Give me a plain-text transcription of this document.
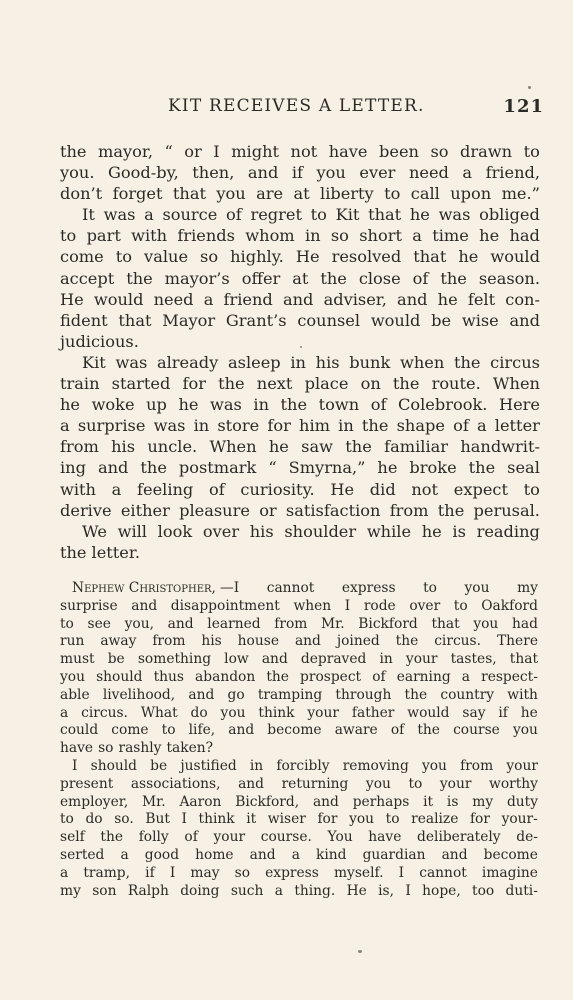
KIT RECEIVES A LETTER.	121
the mayor, “ or I might not have been so drawn to
you. Good-by, then, and if you ever need a friend,
don’t forget that you are at liberty to call upon me.”
It was a source of regret to Kit that he was obliged
to part with friends whom in so short a time he had
come to value so highly. He resolved that he would
accept the mayor’s offer at the close of the season.
He would need a friend and adviser, and he felt con-
fident that Mayor Grant’s counsel would be wise and
judicious.
Kit was already asleep in his bunk when the circus
train started for the next place on the route. When
he woke up he was in the town of Colebrook. Here
a surprise was in store for him in the shape of a letter
from his uncle. When he saw the familiar handwrit-
ing and the postmark “ Smyrna,” he broke the seal
with a feeling of curiosity. He did not expect to
derive either pleasure or satisfaction from the perusal.
We will look over his shoulder while he is reading
the letter.
Nephew Christopher, —I cannot express to you my
surprise and disappointment when I rode over to Oakford
to see you, and learned from Mr. Bickford that you had
run away from his house and joined the circus. There
must be something low and depraved in your tastes, that
you should thus abandon the prospect of earning a respect-
able livelihood, and go tramping through the country with
a circus. What do you think your father would say if he
could come to life, and become aware of the course you
have so rashly taken?
I should be justified in forcibly removing you from your
present associations, and returning you to your worthy
employer, Mr. Aaron Bickford, and perhaps it is my duty
to do so. But I think it wiser for you to realize for your-
self the folly of your course. You have deliberately de-
serted a good home and a kind guardian and become
a tramp, if I may so express myself. I cannot imagine
my son Ralph doing such a thing. He is, I hope, too duti-
